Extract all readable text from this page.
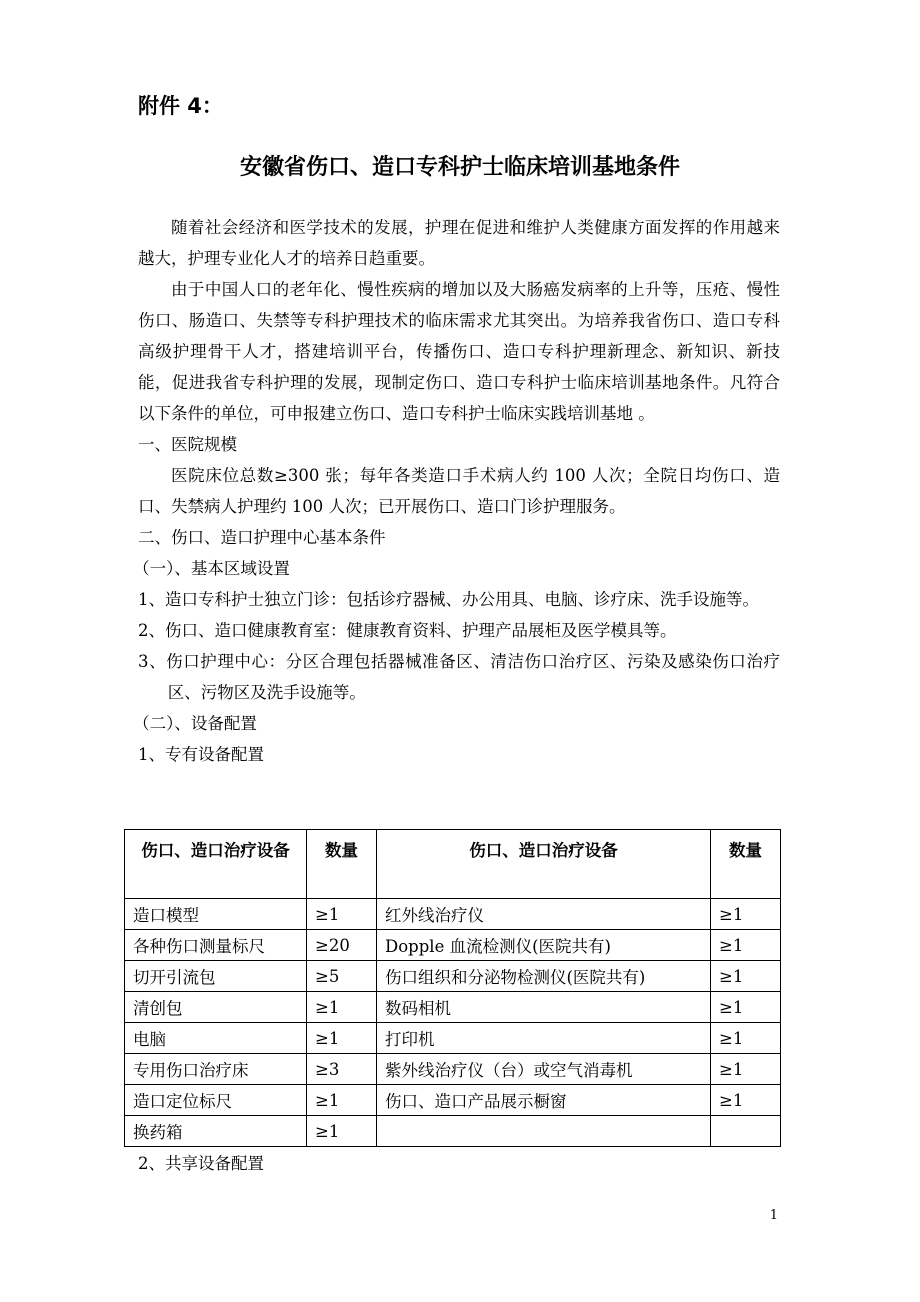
附件 4：
安徽省伤口、造口专科护士临床培训基地条件

随着社会经济和医学技术的发展，护理在促进和维护人类健康方面发挥的作用越来越大，护理专业化人才的培养日趋重要。

由于中国人口的老年化、慢性疾病的增加以及大肠癌发病率的上升等，压疮、慢性伤口、肠造口、失禁等专科护理技术的临床需求尤其突出。为培养我省伤口、造口专科高级护理骨干人才，搭建培训平台，传播伤口、造口专科护理新理念、新知识、新技能，促进我省专科护理的发展，现制定伤口、造口专科护士临床培训基地条件。凡符合以下条件的单位，可申报建立伤口、造口专科护士临床实践培训基地 。

一、医院规模

医院床位总数≥300 张；每年各类造口手术病人约 100 人次；全院日均伤口、造口、失禁病人护理约 100 人次；已开展伤口、造口门诊护理服务。

二、伤口、造口护理中心基本条件

（一）、基本区域设置

1、造口专科护士独立门诊：包括诊疗器械、办公用具、电脑、诊疗床、洗手设施等。

2、伤口、造口健康教育室：健康教育资料、护理产品展柜及医学模具等。

3、伤口护理中心：分区合理包括器械准备区、清洁伤口治疗区、污染及感染伤口治疗区、污物区及洗手设施等。

（二）、设备配置

1、专有设备配置

伤口、造口治疗设备	数量	伤口、造口治疗设备	数量
造口模型	≥1	红外线治疗仪	≥1
各种伤口测量标尺	≥20	Dopple 血流检测仪(医院共有)	≥1
切开引流包	≥5	伤口组织和分泌物检测仪(医院共有)	≥1
清创包	≥1	数码相机	≥1
电脑	≥1	打印机	≥1
专用伤口治疗床	≥3	紫外线治疗仪（台）或空气消毒机	≥1
造口定位标尺	≥1	伤口、造口产品展示橱窗	≥1
换药箱	≥1		
2、共享设备配置
1
